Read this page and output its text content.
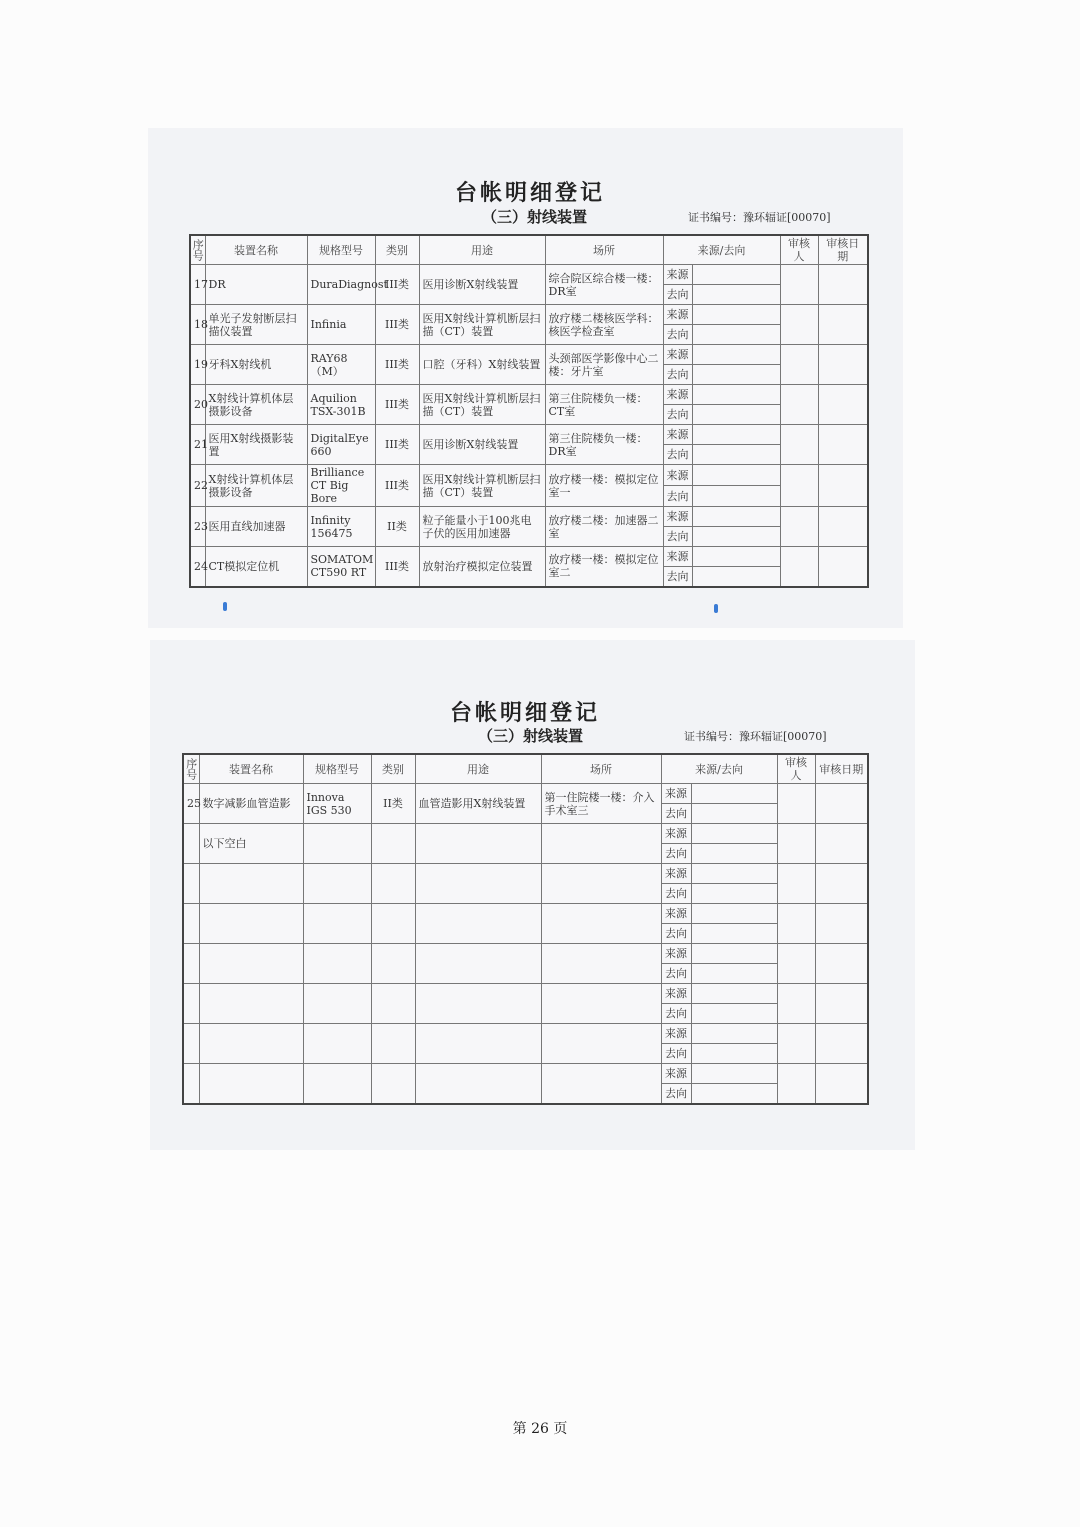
台帐明细登记
（三）射线装置	证书编号：豫环辐证[00070]
序号	装置名称	规格型号	类别	用途	场所	来源/去向		审核人	审核日期
17	DR	DuraDiagnost	III类	医用诊断X射线装置	综合院区综合楼一楼：DR室	来源			
						去向			
18	单光子发射断层扫描仪装置	Infinia	III类	医用X射线计算机断层扫描（CT）装置	放疗楼二楼核医学科：核医学检查室	来源			
						去向			
19	牙科X射线机	RAY68（M）	III类	口腔（牙科）X射线装置	头颈部医学影像中心二楼：牙片室	来源			
						去向			
20	X射线计算机体层摄影设备	Aquilion TSX-301B	III类	医用X射线计算机断层扫描（CT）装置	第三住院楼负一楼：CT室	来源			
						去向			
21	医用X射线摄影装置	DigitalEye 660	III类	医用诊断X射线装置	第三住院楼负一楼：DR室	来源			
						去向			
22	X射线计算机体层摄影设备	Brilliance CT Big Bore	III类	医用X射线计算机断层扫描（CT）装置	放疗楼一楼：模拟定位室一	来源			
						去向			
23	医用直线加速器	Infinity 156475	II类	粒子能量小于100兆电子伏的医用加速器	放疗楼二楼：加速器二室	来源			
						去向			
24	CT模拟定位机	SOMATOM CT590 RT	III类	放射治疗模拟定位装置	放疗楼一楼：模拟定位室二	来源			
						去向			
台帐明细登记
（三）射线装置	证书编号：豫环辐证[00070]
序号	装置名称	规格型号	类别	用途	场所	来源/去向		审核人	审核日期
25	数字减影血管造影	Innova IGS 530	II类	血管造影用X射线装置	第一住院楼一楼：介入手术室三	来源			
						去向			
	以下空白					来源			
						去向			
						来源			
						去向			
						来源			
						去向			
						来源			
						去向			
						来源			
						去向			
						来源			
						去向			
						来源			
						去向			
第 26 页
